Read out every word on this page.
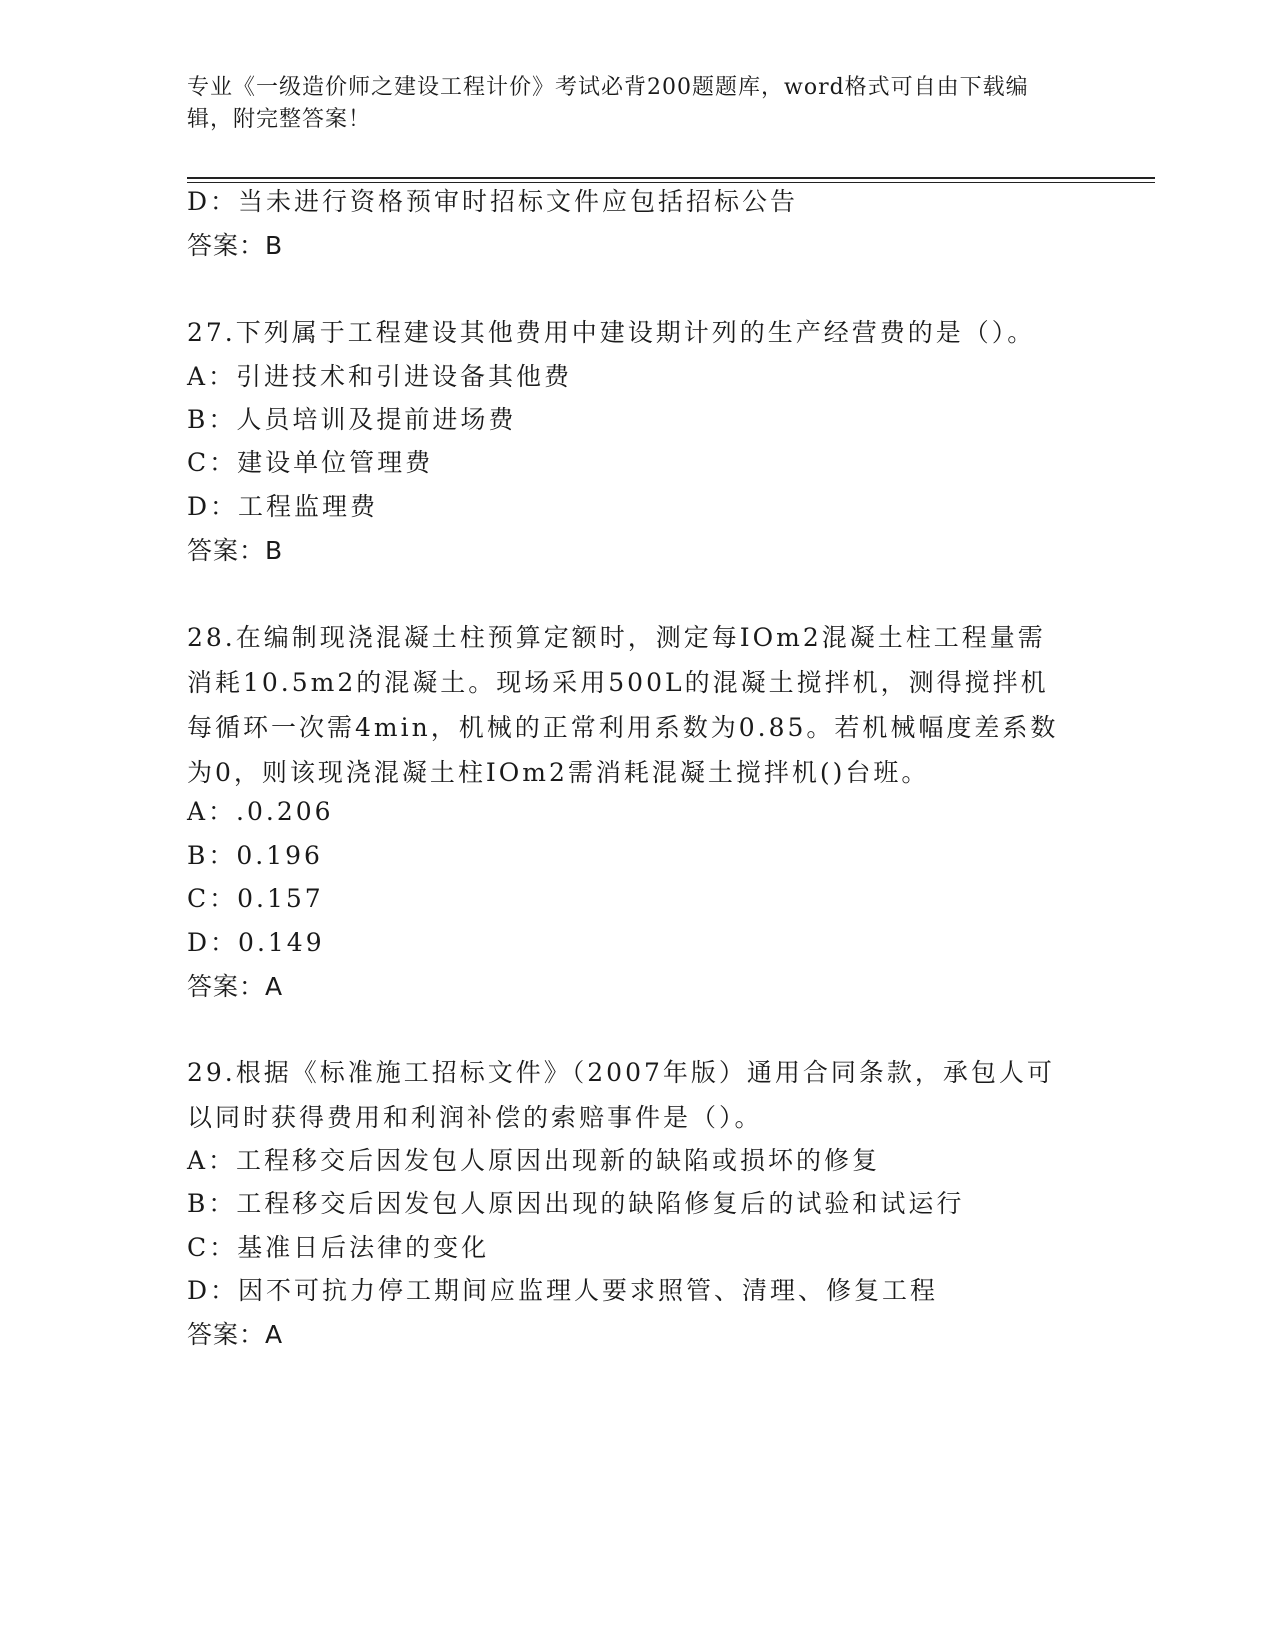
专业《一级造价师之建设工程计价》考试必背200题题库，word格式可自由下载编辑，附完整答案！
D：当未进行资格预审时招标文件应包括招标公告
答案：B
27.下列属于工程建设其他费用中建设期计列的生产经营费的是（）。
A：引进技术和引进设备其他费
B：人员培训及提前进场费
C：建设单位管理费
D：工程监理费
答案：B
28.在编制现浇混凝土柱预算定额时，测定每IOm2混凝土柱工程量需消耗10.5m2的混凝土。现场采用500L的混凝土搅拌机，测得搅拌机每循环一次需4min，机械的正常利用系数为0.85。若机械幅度差系数为0，则该现浇混凝土柱IOm2需消耗混凝土搅拌机()台班。
A：.0.206
B：0.196
C：0.157
D：0.149
答案：A
29.根据《标准施工招标文件》（2007年版）通用合同条款，承包人可以同时获得费用和利润补偿的索赔事件是（）。
A：工程移交后因发包人原因出现新的缺陷或损坏的修复
B：工程移交后因发包人原因出现的缺陷修复后的试验和试运行
C：基准日后法律的变化
D：因不可抗力停工期间应监理人要求照管、清理、修复工程
答案：A
